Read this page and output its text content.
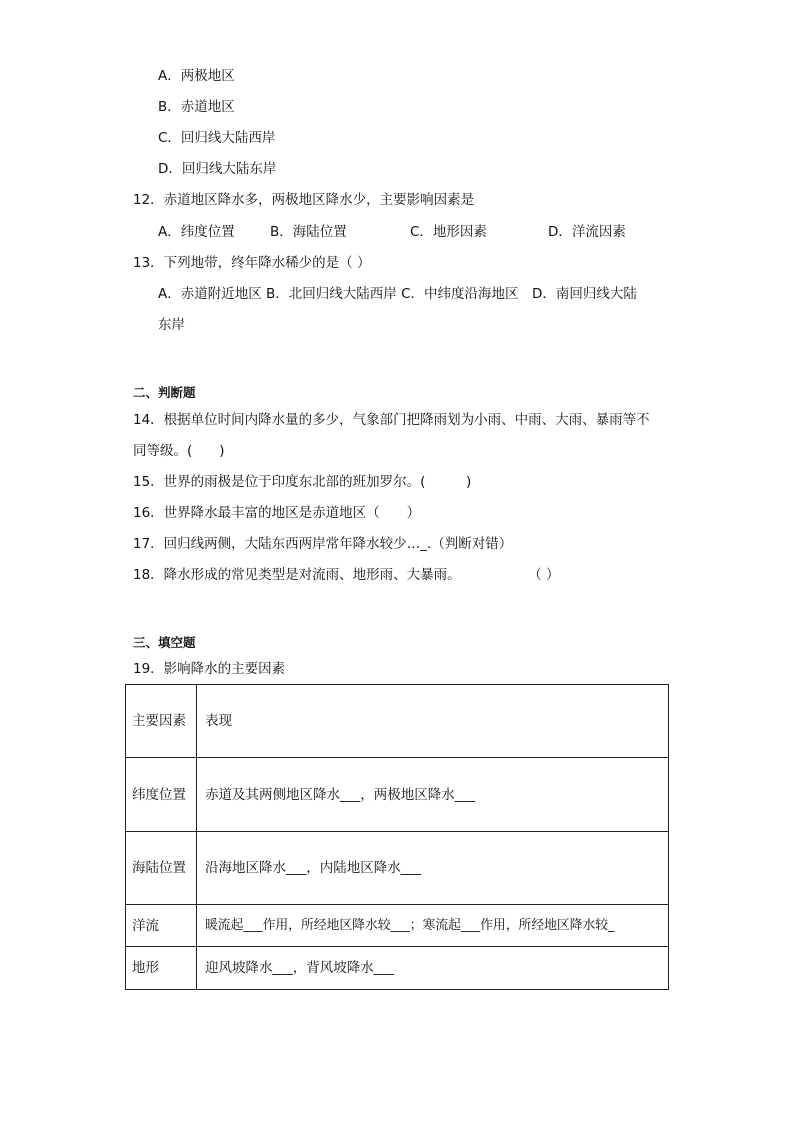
A．两极地区
B．赤道地区
C．回归线大陆西岸
D．回归线大陆东岸
12．赤道地区降水多，两极地区降水少，主要影响因素是
A．纬度位置	B．海陆位置	C．地形因素	D．洋流因素
13．下列地带，终年降水稀少的是（ ）
A．赤道附近地区 B．北回归线大陆西岸 C．中纬度沿海地区　D．南回归线大陆
东岸
二、判断题
14．根据单位时间内降水量的多少，气象部门把降雨划为小雨、中雨、大雨、暴雨等不
同等级。(　　)
15．世界的雨极是位于印度东北部的班加罗尔。(　　　)
16．世界降水最丰富的地区是赤道地区（　　）
17．回归线两侧，大陆东西两岸常年降水较少…_.（判断对错）
18．降水形成的常见类型是对流雨、地形雨、大暴雨。　　　　　　（ ）
三、填空题
19．影响降水的主要因素
主要因素	表现
纬度位置	赤道及其两侧地区降水___，两极地区降水___
海陆位置	沿海地区降水___，内陆地区降水___
洋流	暖流起___作用，所经地区降水较___；寒流起___作用，所经地区降水较_
地形	迎风坡降水___，背风坡降水___
